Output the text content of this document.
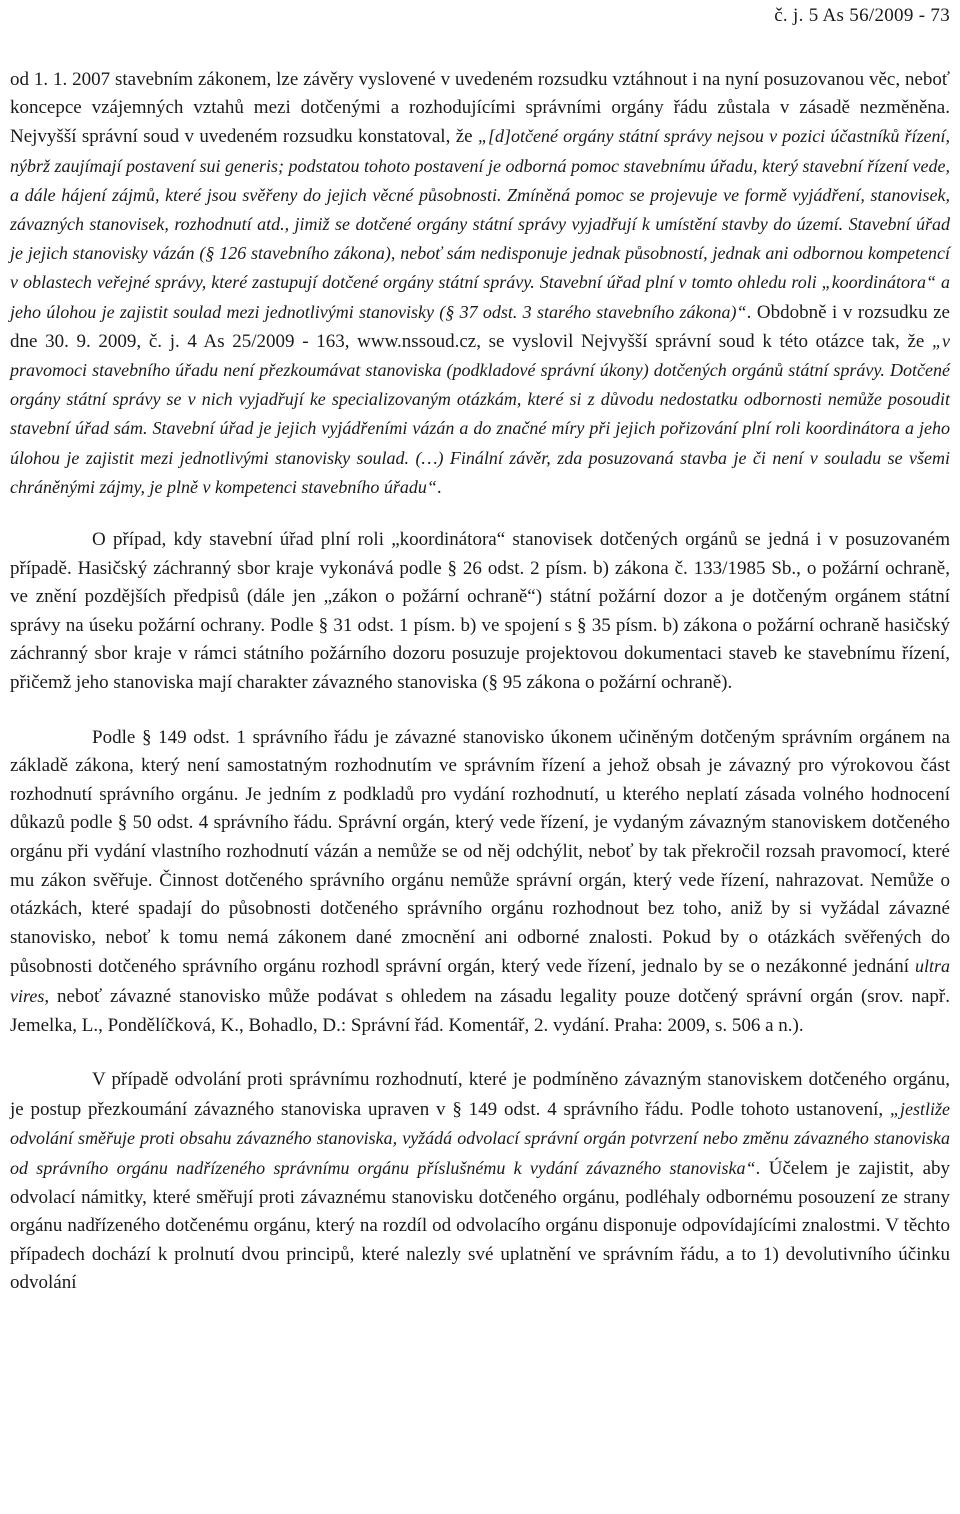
č. j. 5 As 56/2009 - 73

od 1. 1. 2007 stavebním zákonem, lze závěry vyslovené v uvedeném rozsudku vztáhnout i na nyní posuzovanou věc, neboť koncepce vzájemných vztahů mezi dotčenými a rozhodujícími správními orgány řádu zůstala v zásadě nezměněna. Nejvyšší správní soud v uvedeném rozsudku konstatoval, že „[d]otčené orgány státní správy nejsou v pozici účastníků řízení, nýbrž zaujímají postavení sui generis; podstatou tohoto postavení je odborná pomoc stavebnímu úřadu, který stavební řízení vede, a dále hájení zájmů, které jsou svěřeny do jejich věcné působnosti. Zmíněná pomoc se projevuje ve formě vyjádření, stanovisek, závazných stanovisek, rozhodnutí atd., jimiž se dotčené orgány státní správy vyjadřují k umístění stavby do území. Stavební úřad je jejich stanovisky vázán (§ 126 stavebního zákona), neboť sám nedisponuje jednak působností, jednak ani odbornou kompetencí v oblastech veřejné správy, které zastupují dotčené orgány státní správy. Stavební úřad plní v tomto ohledu roli „koordinátora“ a jeho úlohou je zajistit soulad mezi jednotlivými stanovisky (§ 37 odst. 3 starého stavebního zákona)“. Obdobně i v rozsudku ze dne 30. 9. 2009, č. j. 4 As 25/2009 - 163, www.nssoud.cz, se vyslovil Nejvyšší správní soud k této otázce tak, že „v pravomoci stavebního úřadu není přezkoumávat stanoviska (podkladové správní úkony) dotčených orgánů státní správy. Dotčené orgány státní správy se v nich vyjadřují ke specializovaným otázkám, které si z důvodu nedostatku odbornosti nemůže posoudit stavební úřad sám. Stavební úřad je jejich vyjádřeními vázán a do značné míry při jejich pořizování plní roli koordinátora a jeho úlohou je zajistit mezi jednotlivými stanovisky soulad. (…) Finální závěr, zda posuzovaná stavba je či není v souladu se všemi chráněnými zájmy, je plně v kompetenci stavebního úřadu“.

O případ, kdy stavební úřad plní roli „koordinátora“ stanovisek dotčených orgánů se jedná i v posuzovaném případě. Hasičský záchranný sbor kraje vykonává podle § 26 odst. 2 písm. b) zákona č. 133/1985 Sb., o požární ochraně, ve znění pozdějších předpisů (dále jen „zákon o požární ochraně“) státní požární dozor a je dotčeným orgánem státní správy na úseku požární ochrany. Podle § 31 odst. 1 písm. b) ve spojení s § 35 písm. b) zákona o požární ochraně hasičský záchranný sbor kraje v rámci státního požárního dozoru posuzuje projektovou dokumentaci staveb ke stavebnímu řízení, přičemž jeho stanoviska mají charakter závazného stanoviska (§ 95 zákona o požární ochraně).

Podle § 149 odst. 1 správního řádu je závazné stanovisko úkonem učiněným dotčeným správním orgánem na základě zákona, který není samostatným rozhodnutím ve správním řízení a jehož obsah je závazný pro výrokovou část rozhodnutí správního orgánu. Je jedním z podkladů pro vydání rozhodnutí, u kterého neplatí zásada volného hodnocení důkazů podle § 50 odst. 4 správního řádu. Správní orgán, který vede řízení, je vydaným závazným stanoviskem dotčeného orgánu při vydání vlastního rozhodnutí vázán a nemůže se od něj odchýlit, neboť by tak překročil rozsah pravomocí, které mu zákon svěřuje. Činnost dotčeného správního orgánu nemůže správní orgán, který vede řízení, nahrazovat. Nemůže o otázkách, které spadají do působnosti dotčeného správního orgánu rozhodnout bez toho, aniž by si vyžádal závazné stanovisko, neboť k tomu nemá zákonem dané zmocnění ani odborné znalosti. Pokud by o otázkách svěřených do působnosti dotčeného správního orgánu rozhodl správní orgán, který vede řízení, jednalo by se o nezákonné jednání ultra vires, neboť závazné stanovisko může podávat s ohledem na zásadu legality pouze dotčený správní orgán (srov. např. Jemelka, L., Pondělíčková, K., Bohadlo, D.: Správní řád. Komentář, 2. vydání. Praha: 2009, s. 506 a n.).

V případě odvolání proti správnímu rozhodnutí, které je podmíněno závazným stanoviskem dotčeného orgánu, je postup přezkoumání závazného stanoviska upraven v § 149 odst. 4 správního řádu. Podle tohoto ustanovení, „jestliže odvolání směřuje proti obsahu závazného stanoviska, vyžádá odvolací správní orgán potvrzení nebo změnu závazného stanoviska od správního orgánu nadřízeného správnímu orgánu příslušnému k vydání závazného stanoviska“. Účelem je zajistit, aby odvolací námitky, které směřují proti závaznému stanovisku dotčeného orgánu, podléhaly odbornému posouzení ze strany orgánu nadřízeného dotčenému orgánu, který na rozdíl od odvolacího orgánu disponuje odpovídajícími znalostmi. V těchto případech dochází k prolnutí dvou principů, které nalezly své uplatnění ve správním řádu, a to 1) devolutivního účinku odvolání
